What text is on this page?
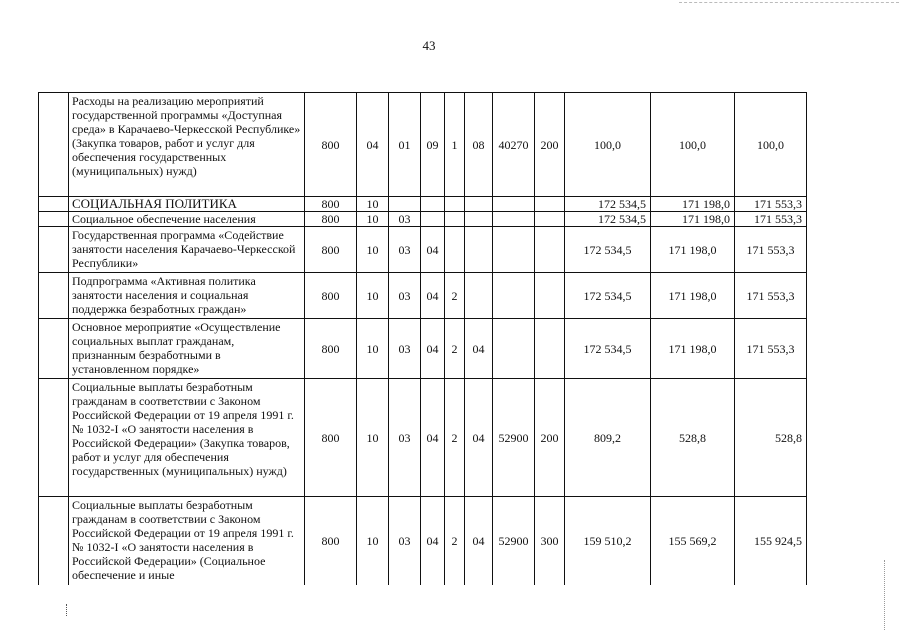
43
	Расходы на реализацию мероприятий государственной программы «Доступная среда» в Карачаево-Черкесской Республике» (Закупка товаров, работ и услуг для обеспечения государственных (муниципальных) нужд)	800	04	01	09	1	08	40270	200	100,0	100,0	100,0
	СОЦИАЛЬНАЯ ПОЛИТИКА	800	10							172 534,5	171 198,0	171 553,3
	Социальное обеспечение населения	800	10	03						172 534,5	171 198,0	171 553,3
	Государственная программа «Содействие занятости населения Карачаево-Черкесской Республики»	800	10	03	04					172 534,5	171 198,0	171 553,3
	Подпрограмма «Активная политика занятости населения и социальная поддержка безработных граждан»	800	10	03	04	2				172 534,5	171 198,0	171 553,3
	Основное мероприятие «Осуществление социальных выплат гражданам, признанным безработными в установленном порядке»	800	10	03	04	2	04			172 534,5	171 198,0	171 553,3
	Социальные выплаты безработным гражданам в соответствии с Законом Российской Федерации от 19 апреля 1991 г. № 1032-I «О занятости населения в Российской Федерации» (Закупка товаров, работ и услуг для обеспечения государственных (муниципальных) нужд)	800	10	03	04	2	04	52900	200	809,2	528,8	528,8
	Социальные выплаты безработным гражданам в соответствии с Законом Российской Федерации от 19 апреля 1991 г. № 1032-I «О занятости населения в Российской Федерации» (Социальное обеспечение и иные	800	10	03	04	2	04	52900	300	159 510,2	155 569,2	155 924,5
